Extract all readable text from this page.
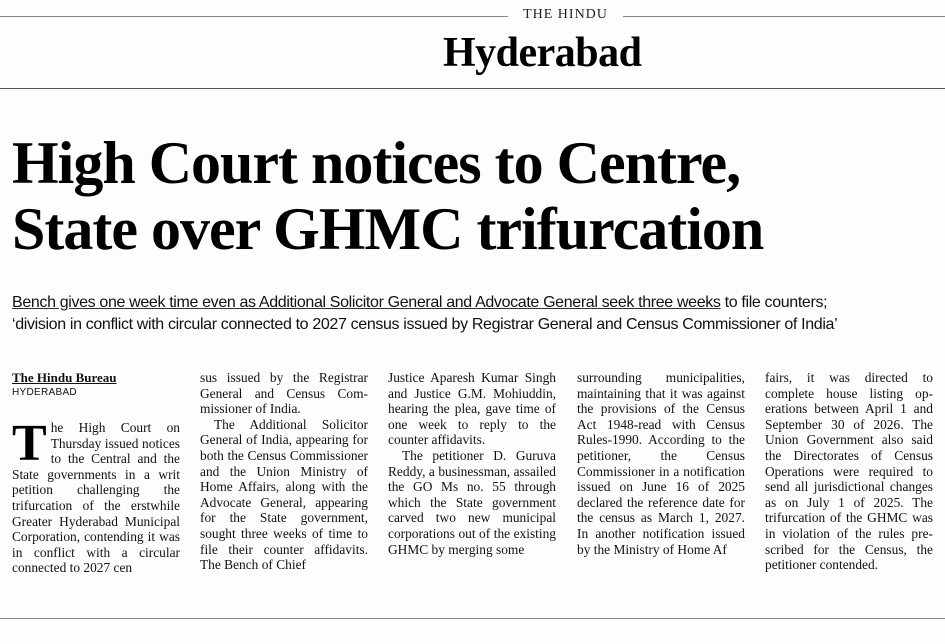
THE HINDU
Hyderabad
High Court notices to Centre,
State over GHMC trifurcation
Bench gives one week time even as Additional Solicitor General and Advocate General seek three weeks to file counters;
‘division in conflict with circular connected to 2027 census issued by Registrar General and Census Commissioner of India’
The Hindu Bureau
HYDERABAD
T he High Court on Thursday issued notices to the Central and the State governments in a writ petition challenging the trifurcation of the erstwhile Greater Hyderabad Municipal Corporation, contending it was in conflict with a circular connected to 2027 cen

sus issued by the Registrar General and Census Commissioner of India.

The Additional Solicitor General of India, appearing for both the Census Commissioner and the Union Ministry of Home Affairs, along with the Advocate General, appearing for the State government, sought three weeks of time to file their counter affidavits. The Bench of Chief

Justice Aparesh Kumar Singh and Justice G.M. Mohiuddin, hearing the plea, gave time of one week to reply to the counter affidavits.

The petitioner D. Guruva Reddy, a businessman, assailed the GO Ms no. 55 through which the State government carved two new municipal corporations out of the existing GHMC by merging some

surrounding municipalities, maintaining that it was against the provisions of the Census Act 1948-read with Census Rules-1990. According to the petitioner, the Census Commissioner in a notification issued on June 16 of 2025 declared the reference date for the census as March 1, 2027. In another notification issued by the Ministry of Home Af

fairs, it was directed to complete house listing operations between April 1 and September 30 of 2026. The Union Government also said the Directorates of Census Operations were required to send all jurisdictional changes as on July 1 of 2025. The trifurcation of the GHMC was in violation of the rules prescribed for the Census, the petitioner contended.
